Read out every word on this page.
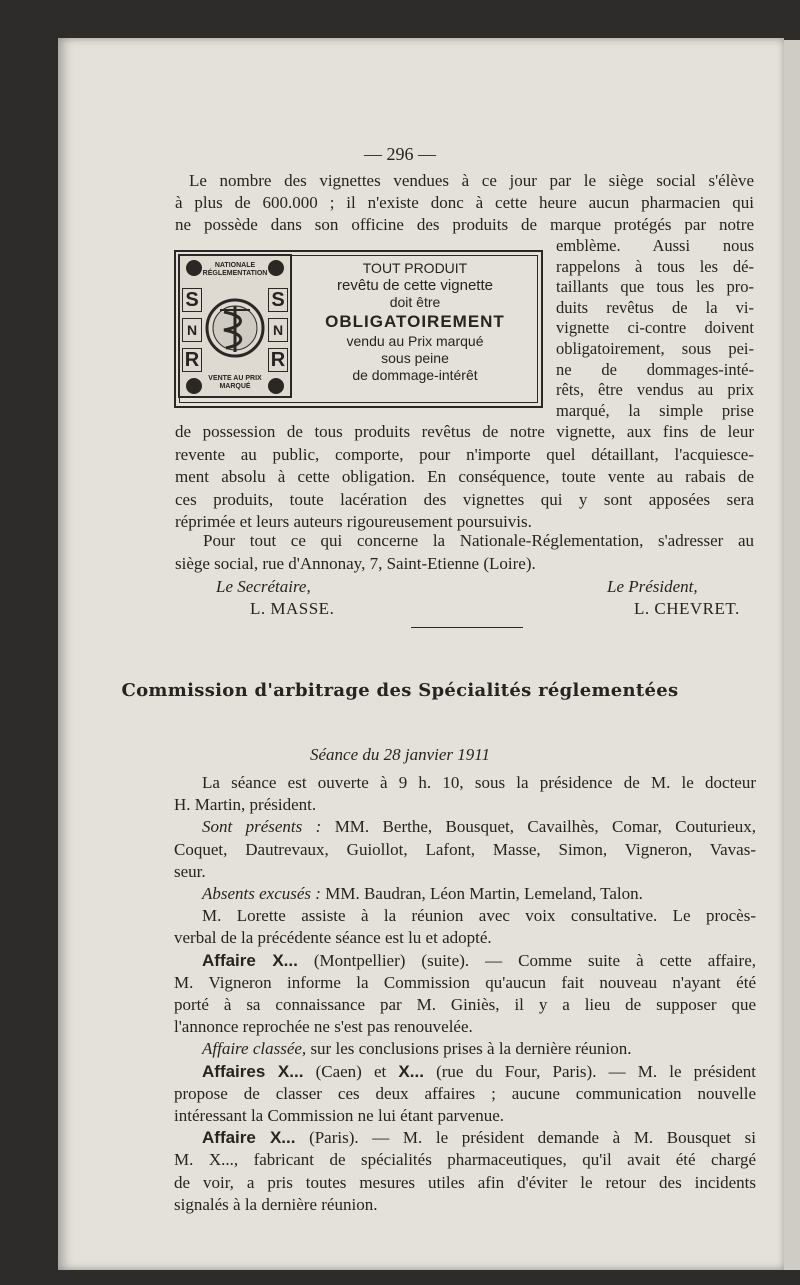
— 296 —
Le nombre des vignettes vendues à ce jour par le siège social s'élève
à plus de 600.000 ; il n'existe donc à cette heure aucun pharmacien qui
ne possède dans son officine des produits de marque protégés par notre
NATIONALE RÉGLEMENTATION
S	S
N	N
R	R
VENTE AU PRIX MARQUÉ
TOUT PRODUIT
revêtu de cette vignette
doit être
OBLIGATOIREMENT
vendu au Prix marqué
sous peine
de dommage-intérêt
emblème. Aussi nous
rappelons à tous les dé-
taillants que tous les pro-
duits revêtus de la vi-
vignette ci-contre doivent
obligatoirement, sous pei-
ne de dommages-inté-
rêts, être vendus au prix
marqué, la simple prise
de possession de tous produits revêtus de notre vignette, aux fins de leur
revente au public, comporte, pour n'importe quel détaillant, l'acquiesce-
ment absolu à cette obligation. En conséquence, toute vente au rabais de
ces produits, toute lacération des vignettes qui y sont apposées sera
réprimée et leurs auteurs rigoureusement poursuivis.
Pour tout ce qui concerne la Nationale-Réglementation, s'adresser au
siège social, rue d'Annonay, 7, Saint-Etienne (Loire).
Le Secrétaire,
L. MASSE.
Le Président,
L. CHEVRET.
Commission d'arbitrage des Spécialités réglementées
Séance du 28 janvier 1911
La séance est ouverte à 9 h. 10, sous la présidence de M. le docteur
H. Martin, président.
Sont présents : MM. Berthe, Bousquet, Cavailhès, Comar, Couturieux,
Coquet, Dautrevaux, Guiollot, Lafont, Masse, Simon, Vigneron, Vavas-
seur.
Absents excusés : MM. Baudran, Léon Martin, Lemeland, Talon.
M. Lorette assiste à la réunion avec voix consultative. Le procès-
verbal de la précédente séance est lu et adopté.
Affaire X... (Montpellier) (suite). — Comme suite à cette affaire,
M. Vigneron informe la Commission qu'aucun fait nouveau n'ayant été
porté à sa connaissance par M. Giniès, il y a lieu de supposer que
l'annonce reprochée ne s'est pas renouvelée.
Affaire classée, sur les conclusions prises à la dernière réunion.
Affaires X... (Caen) et X... (rue du Four, Paris). — M. le président
propose de classer ces deux affaires ; aucune communication nouvelle
intéressant la Commission ne lui étant parvenue.
Affaire X... (Paris). — M. le président demande à M. Bousquet si
M. X..., fabricant de spécialités pharmaceutiques, qu'il avait été chargé
de voir, a pris toutes mesures utiles afin d'éviter le retour des incidents
signalés à la dernière réunion.
